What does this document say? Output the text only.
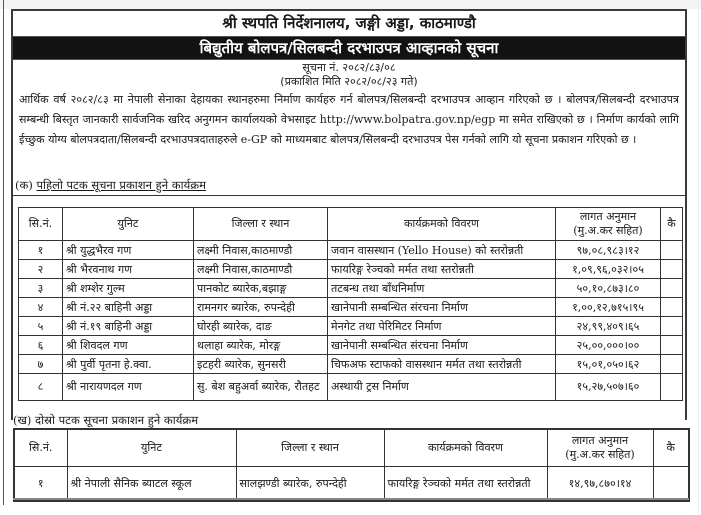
श्री स्थपति निर्देशनालय, जङ्गी अड्डा, काठमाण्डौ
बिद्युतीय बोलपत्र/सिलबन्दी दरभाउपत्र आव्हानको सूचना
सूचना नं. २०८२/८३/०८
(प्रकाशित मिति २०८२/०८/२३ गते)
आर्थिक वर्ष २०८२/८३ मा नेपाली सेनाका देहायका स्थानहरुमा निर्माण कार्यहरु गर्न बोलपत्र/सिलबन्दी दरभाउपत्र आव्हान गरिएको छ । बोलपत्र/सिलबन्दी दरभाउपत्र सम्बन्धी बिस्तृत जानकारी सार्वजनिक खरिद अनुगमन कार्यालयको वेभसाइट http://www.bolpatra.gov.np/egp मा समेत राखिएको छ । निर्माण कार्यको लागि ईच्छुक योग्य बोलपत्रदाता/सिलबन्दी दरभाउपत्रदाताहरुले e-GP को माध्यमबाट बोलपत्र/सिलबन्दी दरभाउपत्र पेस गर्नको लागि यो सूचना प्रकाशन गरिएको छ ।
(क) पहिलो पटक सूचना प्रकाशन हुने कार्यक्रम
सि.नं.	युनिट	जिल्ला र स्थान	कार्यक्रमको विवरण	लागत अनुमान
(मु.अ.कर सहित)	कै
१	श्री युद्धभैरव गण	लक्ष्मी निवास,काठमाण्डौ	जवान वासस्थान (Yello House) को स्तरोन्नती	९७,०८,९८३।१२	
२	श्री भैरवनाथ गण	लक्ष्मी निवास,काठमाण्डौ	फायरिङ्ग रेञ्चको मर्मत तथा स्तरोन्नती	१,०९,९६,०३२।०५	
३	श्री शम्शेर गुल्म	पानकोट ब्यारेक,बझाङ्ग	तटबन्ध तथा बाँधनिर्माण	५०,१०,८७३।८०	
४	श्री नं.२२ बाहिनी अड्डा	रामनगर ब्यारेक, रुपन्देही	खानेपानी सम्बन्धित संरचना निर्माण	१,००,१२,७१५।९५	
५	श्री नं.१९ बाहिनी अड्डा	घोरही ब्यारेक, दाङ	मेनगेट तथा पेरिमिटर निर्माण	२४,९९,४०९।६५	
६	श्री शिवदल गण	थलाहा ब्यारेक, मोरङ्ग	खानेपानी सम्बन्धित संरचना निर्माण	२५,००,०००।००	
७	श्री पुर्वी पृतना हे.क्वा.	इटहरी ब्यारेक, सुनसरी	चिफअफ स्टाफको वासस्थान मर्मत तथा स्तरोन्नती	१५,०१,०५०।६२	
८	श्री नारायणदल गण	सु. बेश बहुअर्वा ब्यारेक, रौतहट	अस्थायी ट्रस निर्माण	१५,२७,५०७।६०	
(ख) दोस्रो पटक सूचना प्रकाशन हुने कार्यक्रम
सि.नं.	युनिट	जिल्ला र स्थान	कार्यक्रमको विवरण	लागत अनुमान
(मु.अ.कर सहित)	कै
१	श्री नेपाली सैनिक ब्याटल स्कूल	सालझण्डी ब्यारेक, रुपन्देही	फायरिङ्ग रेञ्चको मर्मत तथा स्तरोन्नती	१४,९७,८७०।१४	
